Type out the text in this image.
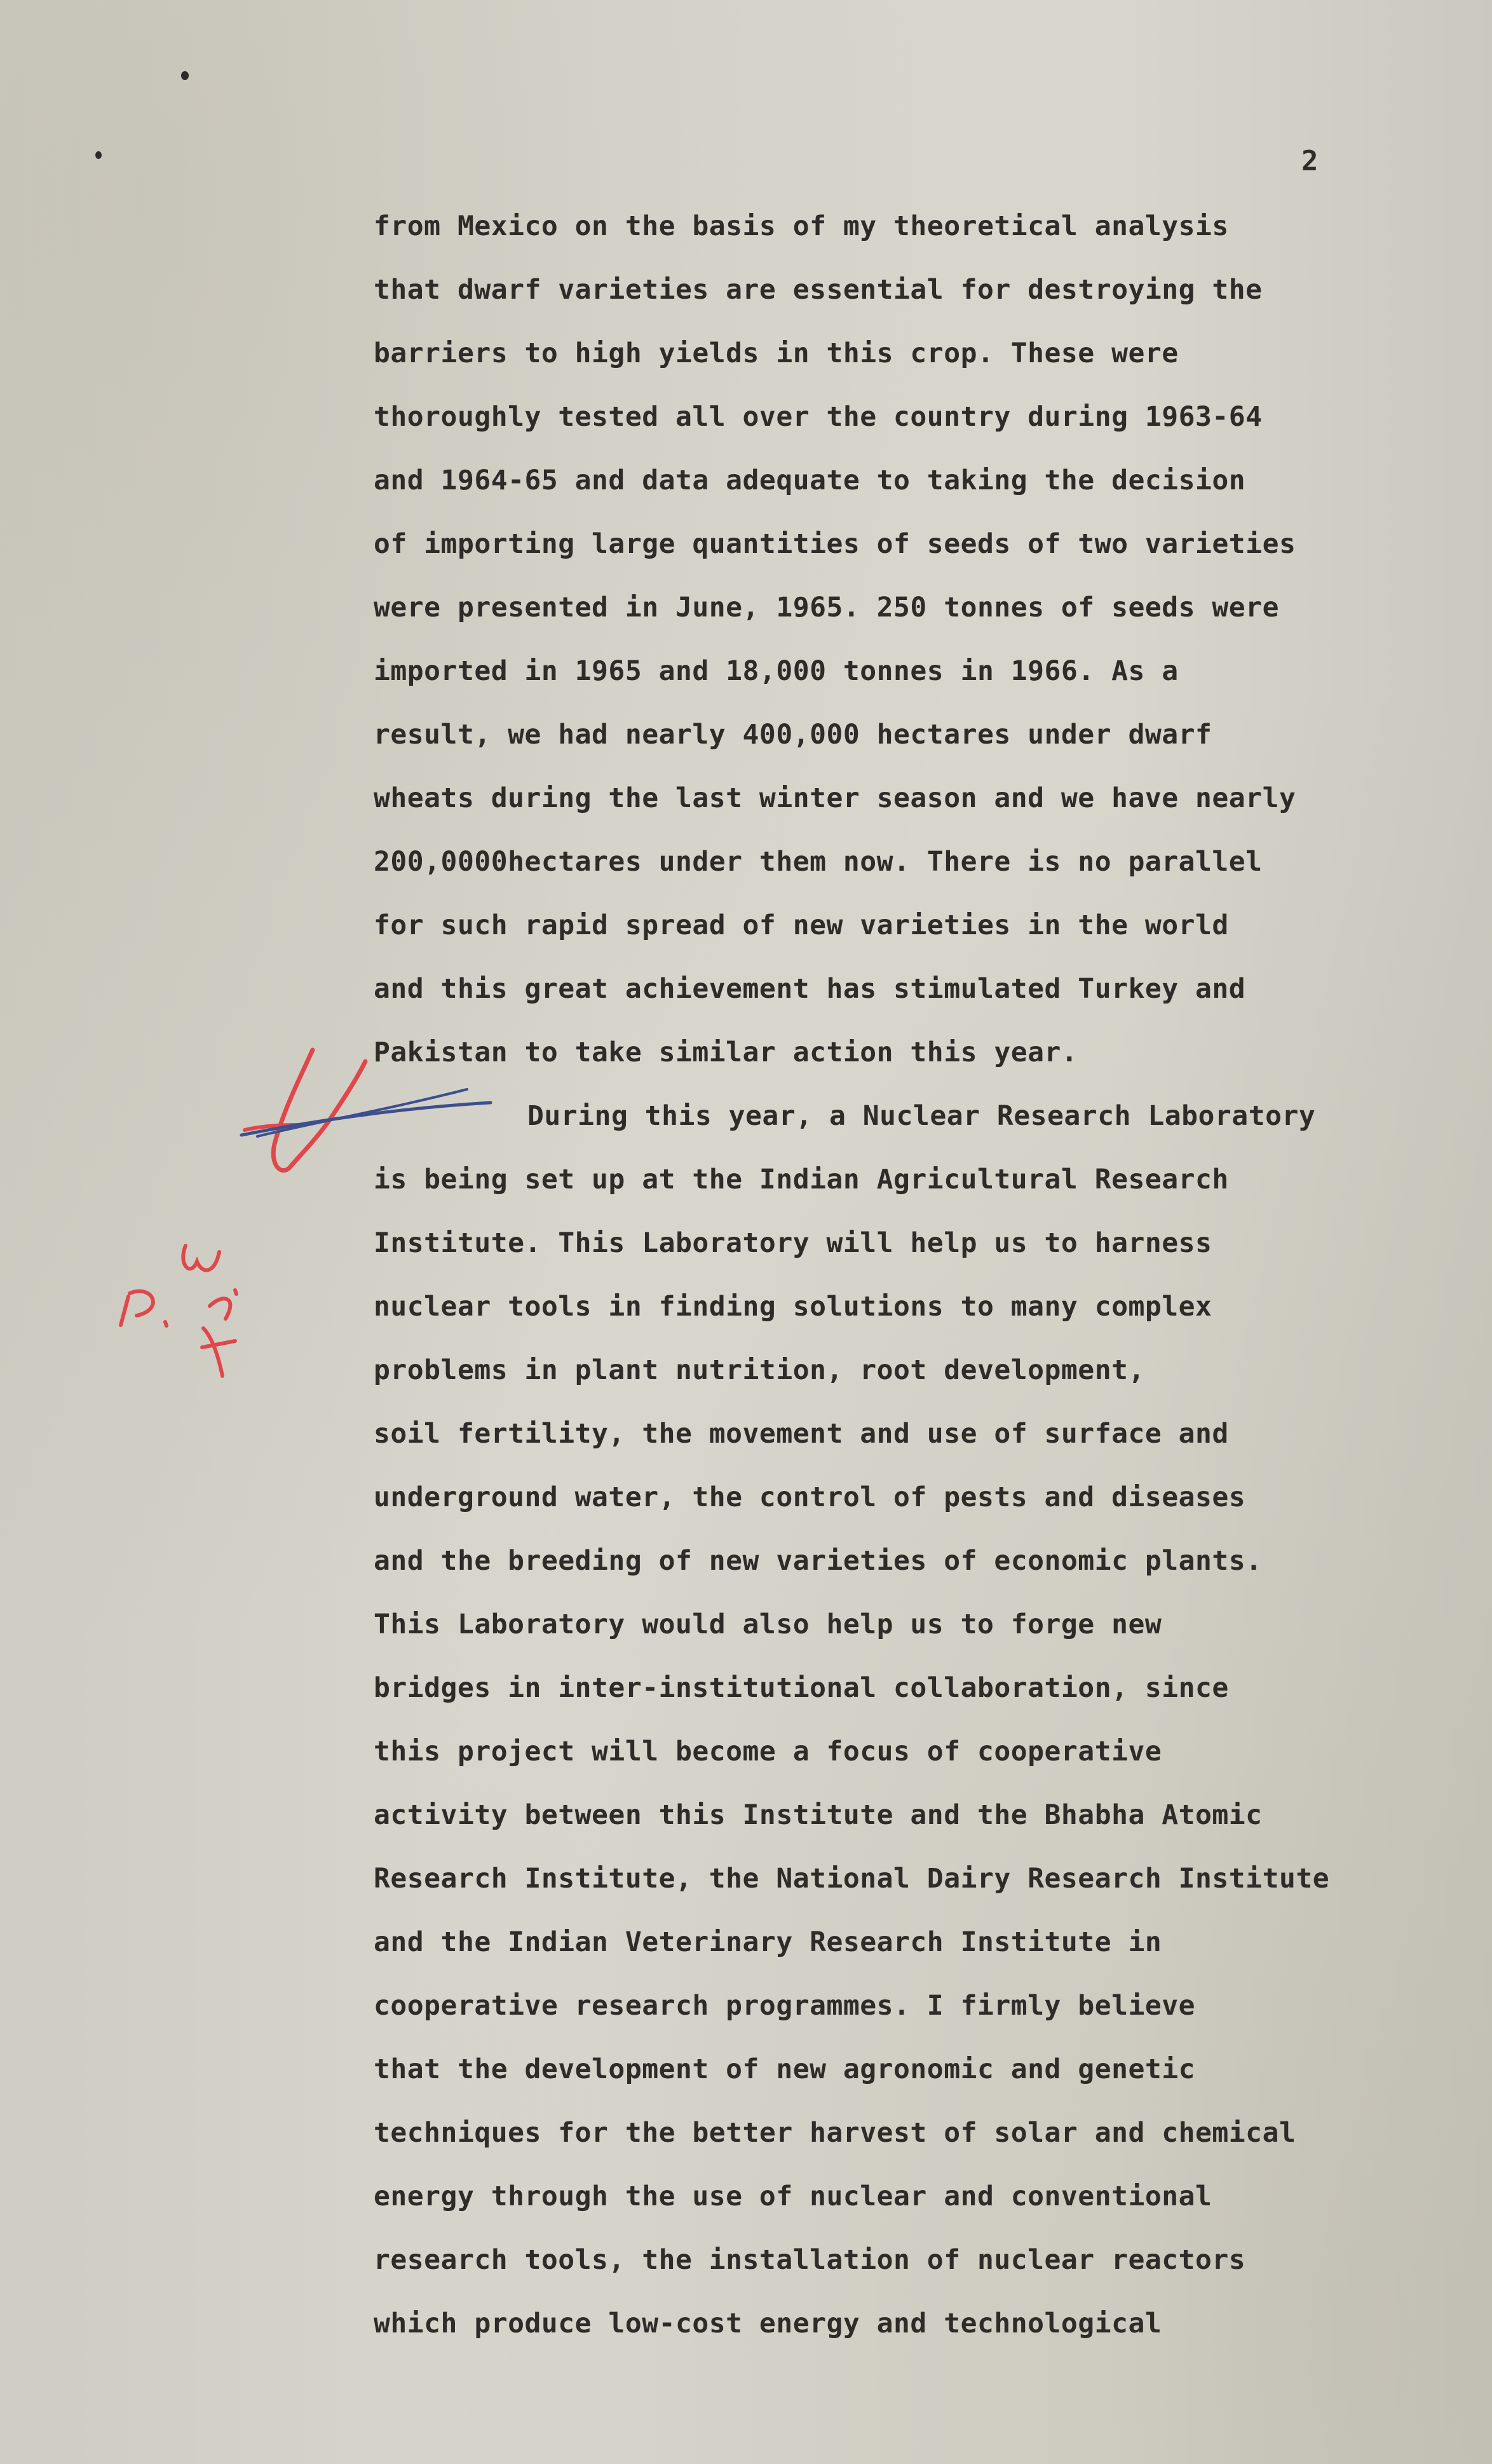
2
from Mexico on the basis of my theoretical analysis
that dwarf varieties are essential for destroying the
barriers to high yields in this crop. These were
thoroughly tested all over the country during 1963-64
and 1964-65 and data adequate to taking the decision
of importing large quantities of seeds of two varieties
were presented in June, 1965. 250 tonnes of seeds were
imported in 1965 and 18,000 tonnes in 1966. As a
result, we had nearly 400,000 hectares under dwarf
wheats during the last winter season and we have nearly
200,0000hectares under them now. There is no parallel
for such rapid spread of new varieties in the world
and this great achievement has stimulated Turkey and
Pakistan to take similar action this year.
During this year, a Nuclear Research Laboratory
is being set up at the Indian Agricultural Research
Institute. This Laboratory will help us to harness
nuclear tools in finding solutions to many complex
problems in plant nutrition, root development,
soil fertility, the movement and use of surface and
underground water, the control of pests and diseases
and the breeding of new varieties of economic plants.
This Laboratory would also help us to forge new
bridges in inter-institutional collaboration, since
this project will become a focus of cooperative
activity between this Institute and the Bhabha Atomic
Research Institute, the National Dairy Research Institute
and the Indian Veterinary Research Institute in
cooperative research programmes. I firmly believe
that the development of new agronomic and genetic
techniques for the better harvest of solar and chemical
energy through the use of nuclear and conventional
research tools, the installation of nuclear reactors
which produce low-cost energy and technological
